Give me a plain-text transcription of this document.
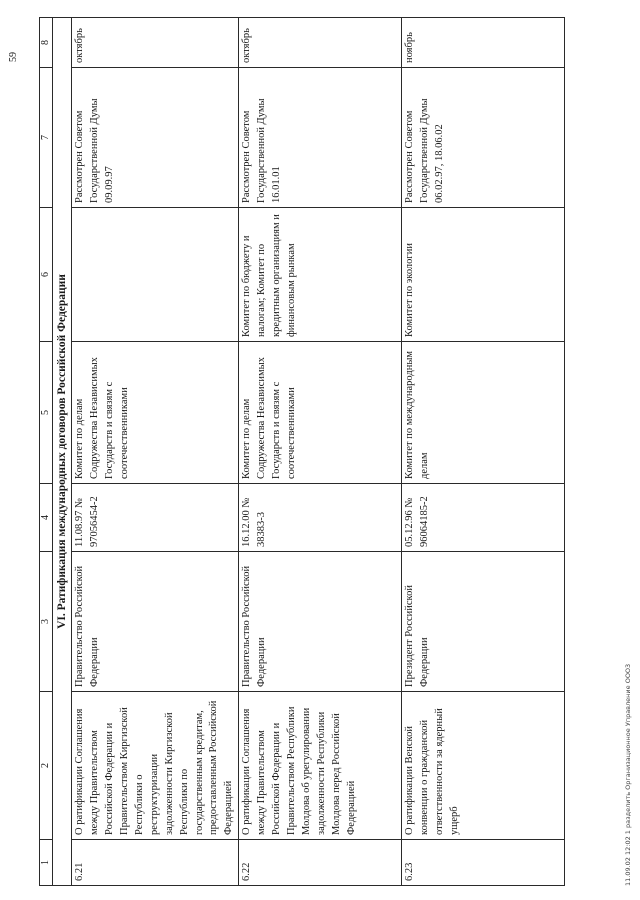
59
1	2	3	4	5	6	7	8
VI. Ратификация международных договоров Российской Федерации							
6.21	О ратификации Соглашения между Правительством Российской Федерации и Правительством Киргизской Республики о реструктуризации задолженности Киргизской Республики по государственным кредитам, предоставленным Российской Федерацией	Правительство Российской Федерации	11.08.97 № 97056454-2	Комитет по делам Содружества Независимых Государств и связям с соотечественниками		Рассмотрен Советом Государственной Думы 09.09.97	октябрь
6.22	О ратификации Соглашения между Правительством Российской Федерации и Правительством Республики Молдова об урегулировании задолженности Республики Молдова перед Российской Федерацией	Правительство Российской Федерации	16.12.00 № 38383-3	Комитет по делам Содружества Независимых Государств и связям с соотечественниками	Комитет по бюджету и налогам; Комитет по кредитным организациям и финансовым рынкам	Рассмотрен Советом Государственной Думы 16.01.01	октябрь
6.23	О ратификации Венской конвенции о гражданской ответственности за ядерный ущерб	Президент Российской Федерации	05.12.96 № 96064185-2	Комитет по международным делам	Комитет по экологии	Рассмотрен Советом Государственной Думы 06.02.97, 18.06.02	ноябрь
11.09.02 12:02 1 разделить Организационное Управление ООО3
